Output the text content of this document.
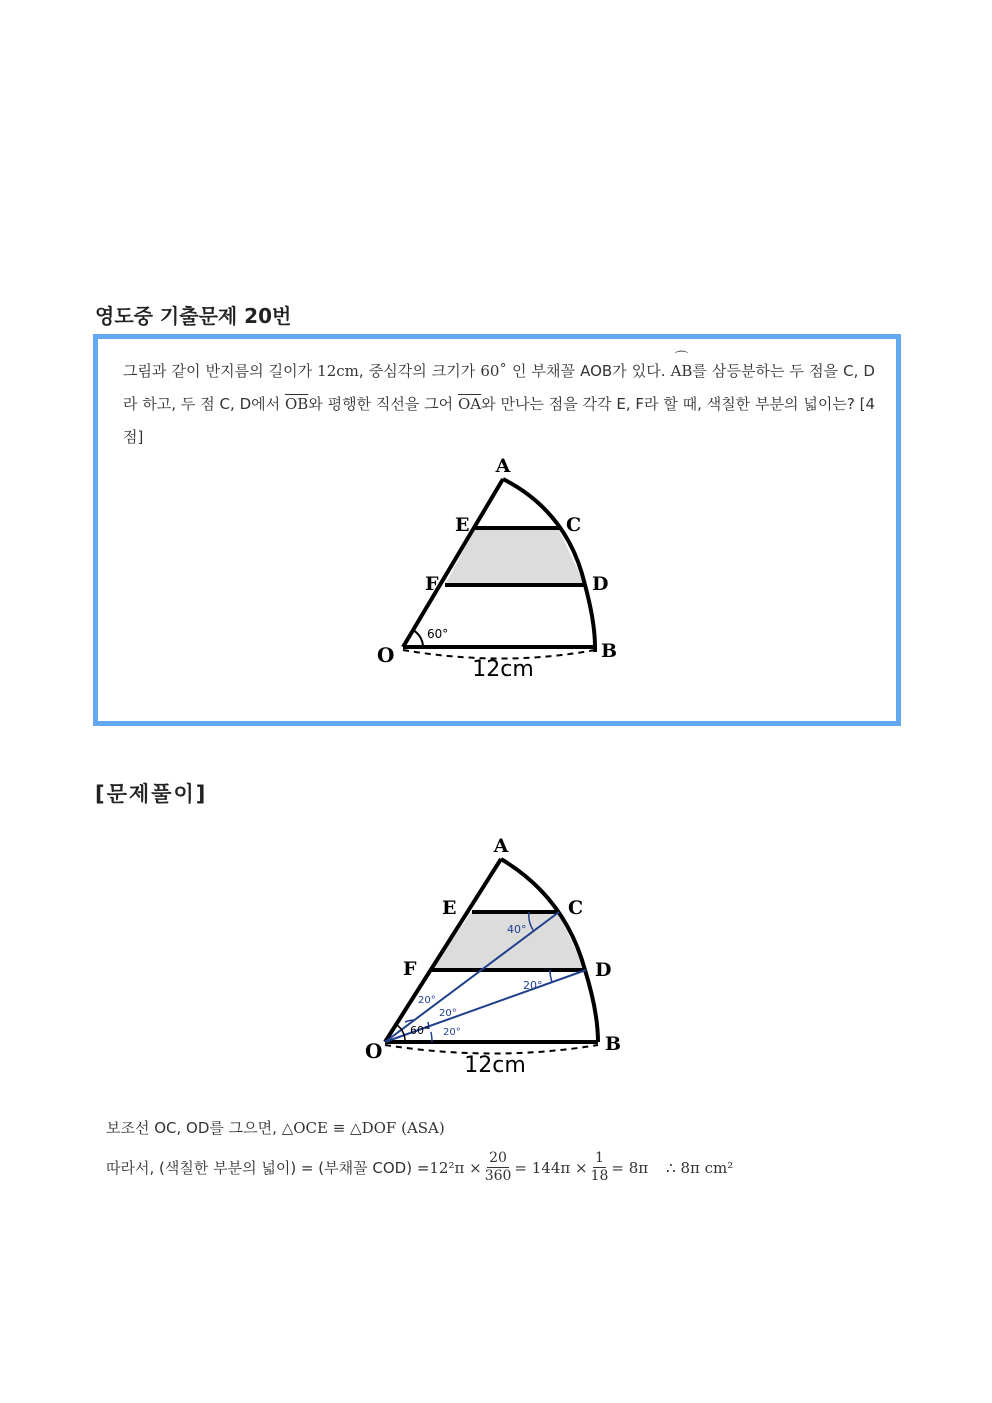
영도중 기출문제 20번

그림과 같이 반지름의 길이가 12cm, 중심각의 크기가 60˚ 인 부채꼴 AOB가 있다. ⌒ AB를 삼등분하는 두 점을 C, D라 하고, 두 점 C, D에서 $\overline{OB}$와 평행한 직선을 그어 $\overline{OA}$와 만나는 점을 각각 E, F라 할 때, 색칠한 부분의 넓이는? [4점]

60°
12cm
A
E	C
F	D
O	B
[문제풀이]
40°
20°
20°
20°
20°
60°
12cm
A
E	C
F	D
O	B

보조선 OC, OD를 그으면, △OCE ≡ △DOF (ASA)

따라서, (색칠한 부분의 넓이) = (부채꼴 $COD) = 12^2\pi \times \frac{20}{360} = 144\pi \times \frac{1}{18} = 8\pi$ ∴ 8π cm²
